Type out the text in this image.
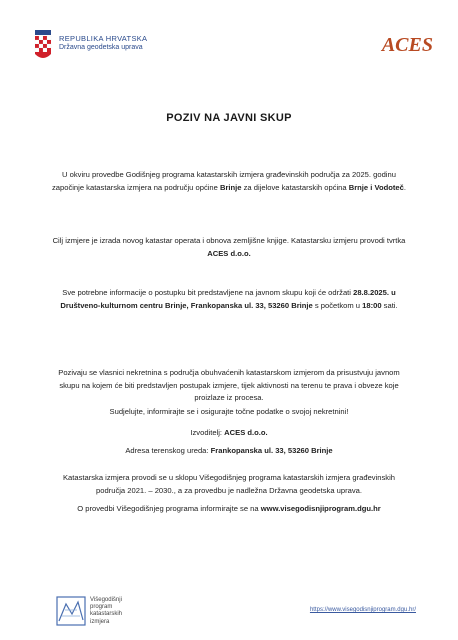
REPUBLIKA HRVATSKA
Državna geodetska uprava	ACES
POZIV NA JAVNI SKUP
U okviru provedbe Godišnjeg programa katastarskih izmjera građevinskih područja za 2025. godinu započinje katastarska izmjera na području općine Brinje za dijelove katastarskih općina Brnje i Vodoteč.
Cilj izmjere je izrada novog katastar operata i obnova zemljišne knjige. Katastarsku izmjeru provodi tvrtka ACES d.o.o.
Sve potrebne informacije o postupku bit predstavljene na javnom skupu koji će održati 28.8.2025. u Društveno-kulturnom centru Brinje, Frankopanska ul. 33, 53260 Brinje s početkom u 18:00 sati.
Pozivaju se vlasnici nekretnina s područja obuhvaćenih katastarskom izmjerom da prisustvuju javnom skupu na kojem će biti predstavljen postupak izmjere, tijek aktivnosti na terenu te prava i obveze koje proizlaze iz procesa.
Sudjelujte, informirajte se i osigurajte točne podatke o svojoj nekretnini!
Izvoditelj: ACES d.o.o.
Adresa terenskog ureda: Frankopanska ul. 33, 53260 Brinje
Katastarska izmjera provodi se u sklopu Višegodišnjeg programa katastarskih izmjera građevinskih područja 2021. – 2030., a za provedbu je nadležna Državna geodetska uprava.
O provedbi Višegodišnjeg programa informirajte se na www.visegodisnjiprogram.dgu.hr
Višegodišnji
program
katastarskih
izmjera
https://www.visegodisnjiprogram.dgu.hr/
